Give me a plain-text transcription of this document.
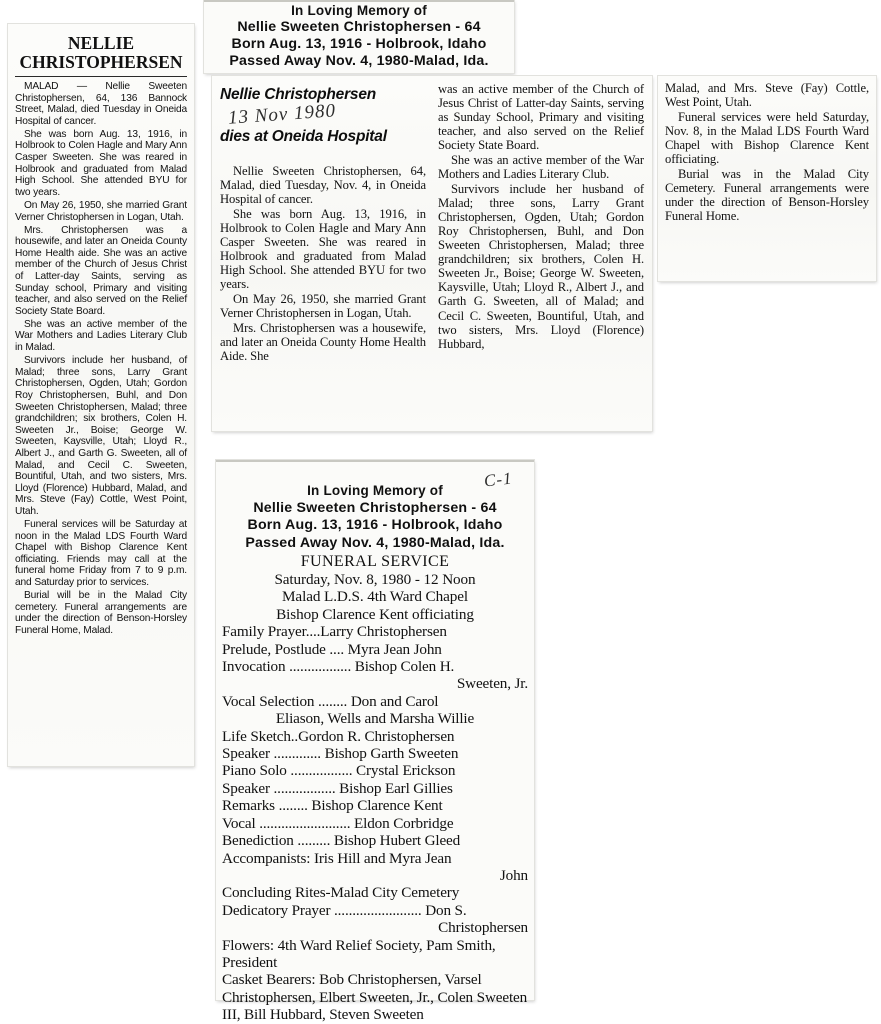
NELLIE
CHRISTOPHERSEN

MALAD — Nellie Sweeten Christophersen, 64, 136 Bannock Street, Malad, died Tuesday in Oneida Hospital of cancer.

She was born Aug. 13, 1916, in Holbrook to Colen Hagle and Mary Ann Casper Sweeten. She was reared in Holbrook and graduated from Malad High School. She attended BYU for two years.

On May 26, 1950, she married Grant Verner Christophersen in Logan, Utah.

Mrs. Christophersen was a housewife, and later an Oneida County Home Health aide. She was an active member of the Church of Jesus Christ of Latter-day Saints, serving as Sunday school, Primary and visiting teacher, and also served on the Relief Society State Board.

She was an active member of the War Mothers and Ladies Literary Club in Malad.

Survivors include her husband, of Malad; three sons, Larry Grant Christophersen, Ogden, Utah; Gordon Roy Christophersen, Buhl, and Don Sweeten Christophersen, Malad; three grandchildren; six brothers, Colen H. Sweeten Jr., Boise; George W. Sweeten, Kaysville, Utah; Lloyd R., Albert J., and Garth G. Sweeten, all of Malad, and Cecil C. Sweeten, Bountiful, Utah, and two sisters, Mrs. Lloyd (Florence) Hubbard, Malad, and Mrs. Steve (Fay) Cottle, West Point, Utah.

Funeral services will be Saturday at noon in the Malad LDS Fourth Ward Chapel with Bishop Clarence Kent officiating. Friends may call at the funeral home Friday from 7 to 9 p.m. and Saturday prior to services.

Burial will be in the Malad City cemetery. Funeral arrangements are under the direction of Benson-Horsley Funeral Home, Malad.

In Loving Memory of
Nellie Sweeten Christophersen - 64
Born Aug. 13, 1916 - Holbrook, Idaho
Passed Away Nov. 4, 1980-Malad, Ida.
Nellie Christophersen
13 Nov 1980
dies at Oneida Hospital

Nellie Sweeten Christophersen, 64, Malad, died Tuesday, Nov. 4, in Oneida Hospital of cancer.

She was born Aug. 13, 1916, in Holbrook to Colen Hagle and Mary Ann Casper Sweeten. She was reared in Holbrook and graduated from Malad High School. She attended BYU for two years.

On May 26, 1950, she married Grant Verner Christophersen in Logan, Utah.

Mrs. Christophersen was a housewife, and later an Oneida County Home Health Aide. She

was an active member of the Church of Jesus Christ of Latter-day Saints, serving as Sunday School, Primary and visiting teacher, and also served on the Relief Society State Board.

She was an active member of the War Mothers and Ladies Literary Club.

Survivors include her husband of Malad; three sons, Larry Grant Christophersen, Ogden, Utah; Gordon Roy Christophersen, Buhl, and Don Sweeten Christophersen, Malad; three grandchildren; six brothers, Colen H. Sweeten Jr., Boise; George W. Sweeten, Kaysville, Utah; Lloyd R., Albert J., and Garth G. Sweeten, all of Malad; and Cecil C. Sweeten, Bountiful, Utah, and two sisters, Mrs. Lloyd (Florence) Hubbard,

Malad, and Mrs. Steve (Fay) Cottle, West Point, Utah.

Funeral services were held Saturday, Nov. 8, in the Malad LDS Fourth Ward Chapel with Bishop Clarence Kent officiating.

Burial was in the Malad City Cemetery. Funeral arrangements were under the direction of Benson-Horsley Funeral Home.

C-1
In Loving Memory of
Nellie Sweeten Christophersen - 64
Born Aug. 13, 1916 - Holbrook, Idaho
Passed Away Nov. 4, 1980-Malad, Ida.
FUNERAL SERVICE
Saturday, Nov. 8, 1980 - 12 Noon
Malad L.D.S. 4th Ward Chapel
Bishop Clarence Kent officiating
Family Prayer....Larry Christophersen
Prelude, Postlude .... Myra Jean John
Invocation ................. Bishop Colen H.
Sweeten, Jr.
Vocal Selection ........ Don and Carol
Eliason, Wells and Marsha Willie
Life Sketch..Gordon R. Christophersen
Speaker ............. Bishop Garth Sweeten
Piano Solo ................. Crystal Erickson
Speaker ................. Bishop Earl Gillies
Remarks ........ Bishop Clarence Kent
Vocal ......................... Eldon Corbridge
Benediction ......... Bishop Hubert Gleed
Accompanists: Iris Hill and Myra Jean
John
Concluding Rites-Malad City Cemetery
Dedicatory Prayer ........................ Don S.
Christophersen
Flowers: 4th Ward Relief Society, Pam Smith, President
Casket Bearers: Bob Christophersen, Varsel Christophersen, Elbert Sweeten, Jr., Colen Sweeten III, Bill Hubbard, Steven Sweeten
